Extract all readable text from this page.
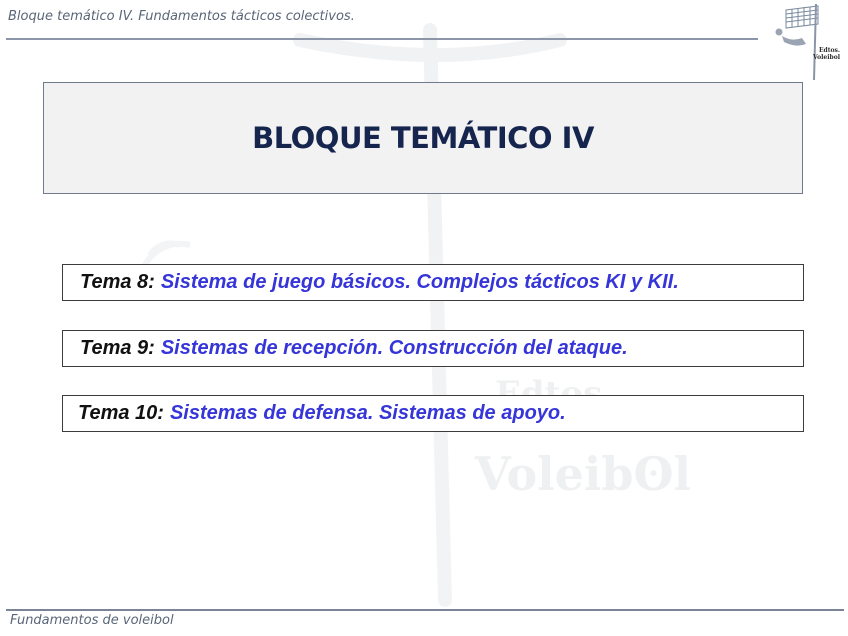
Edtos.
Voleibʘl
Bloque temático IV. Fundamentos tácticos colectivos.
Edtos.
Voleibol
BLOQUE TEMÁTICO IV
Tema 8: Sistema de juego básicos. Complejos tácticos KI y KII.
Tema 9: Sistemas de recepción. Construcción del ataque.
Tema 10: Sistemas de defensa. Sistemas de apoyo.
Fundamentos de voleibol
